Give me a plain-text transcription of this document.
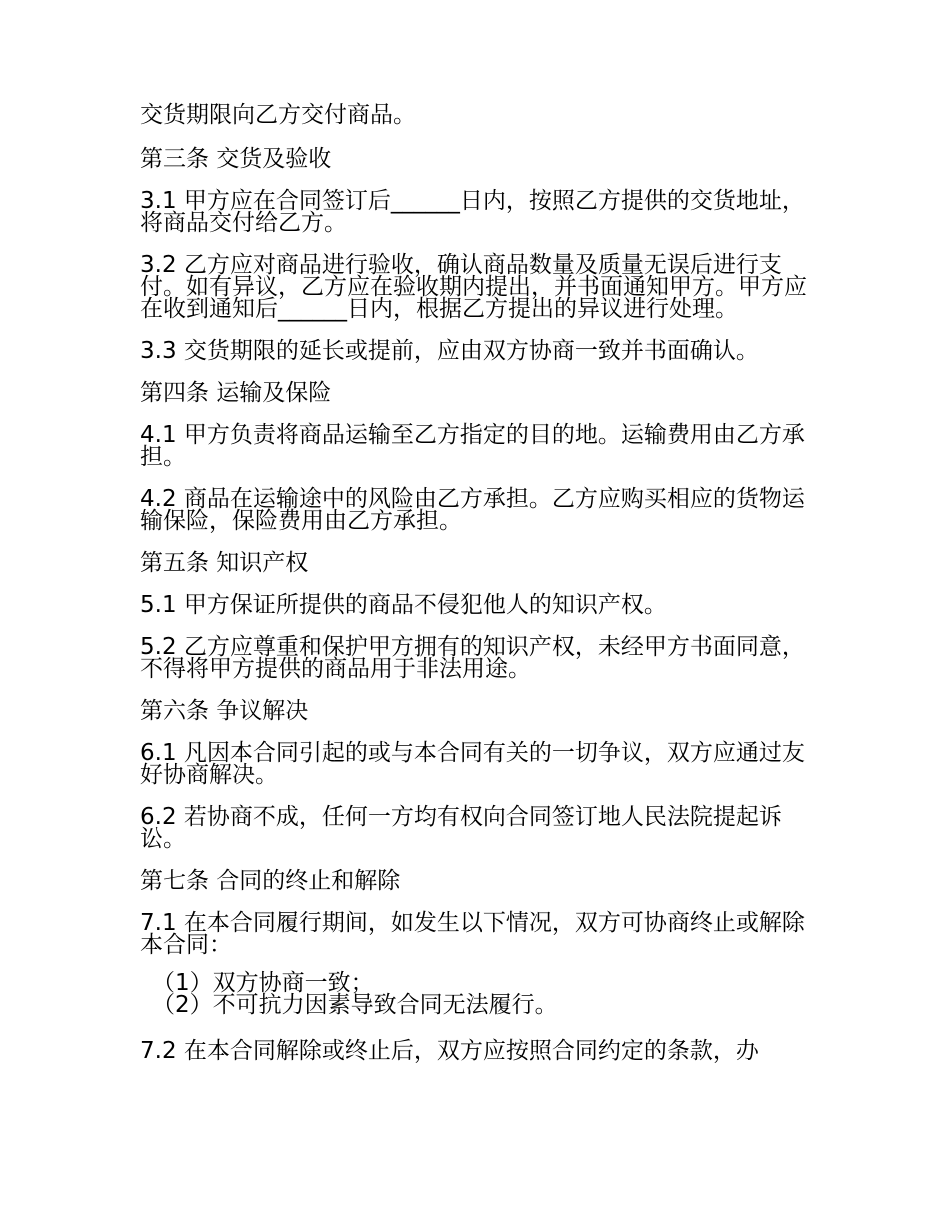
交货期限向乙方交付商品。
第三条 交货及验收
3.1 甲方应在合同签订后______日内，按照乙方提供的交货地址，将商品交付给乙方。
3.2 乙方应对商品进行验收，确认商品数量及质量无误后进行支付。如有异议，乙方应在验收期内提出，并书面通知甲方。甲方应在收到通知后______日内，根据乙方提出的异议进行处理。
3.3 交货期限的延长或提前，应由双方协商一致并书面确认。
第四条 运输及保险
4.1 甲方负责将商品运输至乙方指定的目的地。运输费用由乙方承担。
4.2 商品在运输途中的风险由乙方承担。乙方应购买相应的货物运输保险，保险费用由乙方承担。
第五条 知识产权
5.1 甲方保证所提供的商品不侵犯他人的知识产权。
5.2 乙方应尊重和保护甲方拥有的知识产权，未经甲方书面同意，不得将甲方提供的商品用于非法用途。
第六条 争议解决
6.1 凡因本合同引起的或与本合同有关的一切争议，双方应通过友好协商解决。
6.2 若协商不成，任何一方均有权向合同签订地人民法院提起诉讼。
第七条 合同的终止和解除
7.1 在本合同履行期间，如发生以下情况，双方可协商终止或解除本合同：
（1）双方协商一致；
（2）不可抗力因素导致合同无法履行。
7.2 在本合同解除或终止后，双方应按照合同约定的条款，办
